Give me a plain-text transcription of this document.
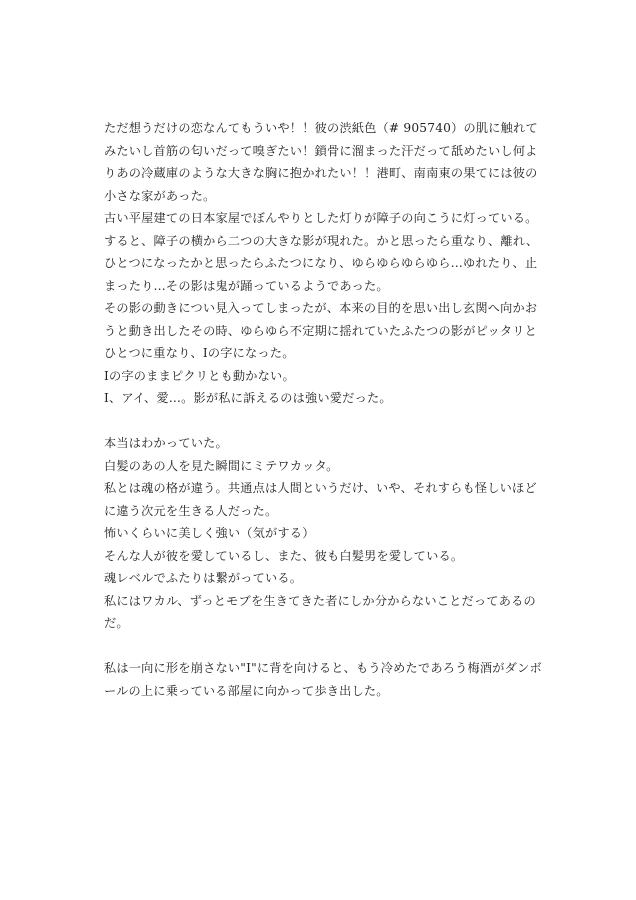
ただ想うだけの恋なんてもういや！！彼の渋紙色（# 905740）の肌に触れて
みたいし首筋の匂いだって嗅ぎたい！鎖骨に溜まった汗だって舐めたいし何よ
りあの冷蔵庫のような大きな胸に抱かれたい！！港町、南南東の果てには彼の
小さな家があった。
古い平屋建ての日本家屋でぼんやりとした灯りが障子の向こうに灯っている。
すると、障子の横から二つの大きな影が現れた。かと思ったら重なり、離れ、
ひとつになったかと思ったらふたつになり、ゆらゆらゆらゆら…ゆれたり、止
まったり…その影は鬼が踊っているようであった。
その影の動きについ見入ってしまったが、本来の目的を思い出し玄関へ向かお
うと動き出したその時、ゆらゆら不定期に揺れていたふたつの影がピッタリと
ひとつに重なり、Iの字になった。
Iの字のままピクリとも動かない。
I、アイ、愛…。影が私に訴えるのは強い愛だった。
本当はわかっていた。
白髪のあの人を見た瞬間にミテワカッタ。
私とは魂の格が違う。共通点は人間というだけ、いや、それすらも怪しいほど
に違う次元を生きる人だった。
怖いくらいに美しく強い（気がする）
そんな人が彼を愛しているし、また、彼も白髪男を愛している。
魂レベルでふたりは繋がっている。
私にはワカル、ずっとモブを生きてきた者にしか分からないことだってあるの
だ。
私は一向に形を崩さない"I"に背を向けると、もう冷めたであろう梅酒がダンボ
ールの上に乗っている部屋に向かって歩き出した。
